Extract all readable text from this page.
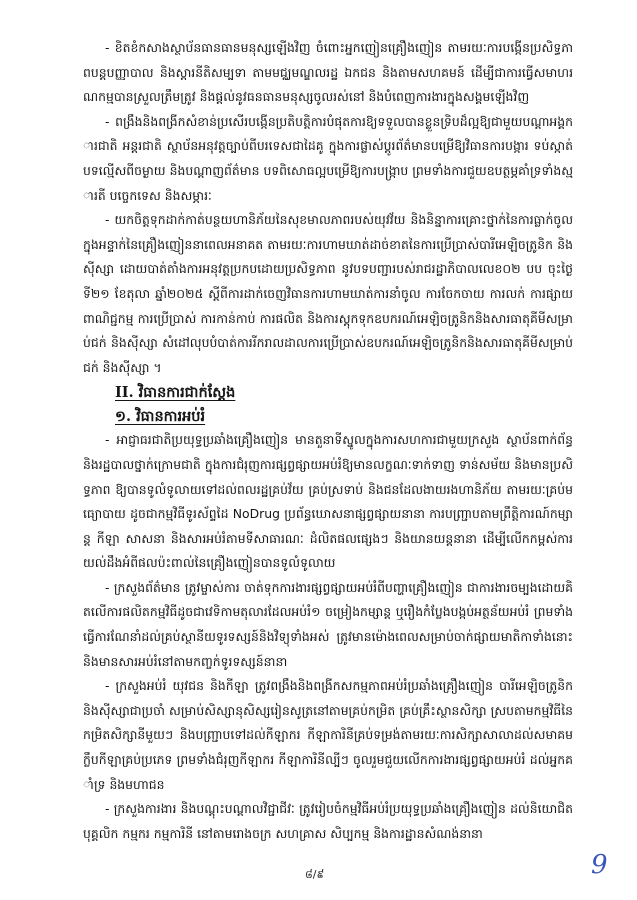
- ខិតខំកសាងស្ថាប័នធានធានមនុស្សឡើងវិញ ចំពោះអ្នកញៀនគ្រឿងញៀន តាមរយៈការបង្កើនប្រសិទ្ធភាពបន្តបញ្ញាបាល និងស្តារនីតិសម្បទា តាមមជ្ឈមណ្ឌលរដ្ឋ ឯកជន និងតាមសហគមន៍ ដើម្បីជាការធ្វើសមាហរណកម្មបានស្រួលត្រឹមត្រូវ និងផ្តល់នូវធនធានមនុស្សចូលរស់នៅ និងបំពេញការងារក្នុងសង្គមឡើងវិញ

- ពង្រឹងនិងពង្រីកសំខាន់ប្រសើរបង្កើនប្រតិបត្តិការបំផុតការឱ្យទទួលបានខ្លួនទ្រិបដ៏ល្អឱ្យជាមួយបណ្តាអង្គការជាតិ អន្តរជាតិ ស្ថាប័នអនុវត្តច្បាប់ពីបរទេសជាដៃគូ ក្នុងការផ្លាស់ប្តូរព័ត៌មានបម្រើឱ្យវិធានការបង្ការ ទប់ស្កាត់បទល្មើសពីចម្ងាយ និងបណ្តាញព័ត៌មាន បទពិសោធល្អបម្រើឱ្យការបង្ក្រាប ព្រមទាំងការជួយឧបត្ថម្ភគាំទ្រទាំងស្មារតី បច្ចេកទេស និងសម្ភារៈ

- យកចិត្តទុកដាក់កាត់បន្ថយហានិភ័យនៃសុខមាលភាពរបស់យុវវ័យ និងនិន្នាការគ្រោះថ្នាក់នៃការធ្លាក់ចូលក្នុងអន្ទាក់នៃគ្រឿងញៀននាពេលអនាគត តាមរយៈការហាមឃាត់ដាច់ខាតនៃការប្រើប្រាស់បារីអេឡិចត្រូនិក និងស៊ីស្សា ដោយបាត់តាំងការអនុវត្តប្រកបដោយប្រសិទ្ធភាព នូវបទបញ្ជារបស់រាជរដ្ឋាភិបាលលេខ០២ បប ចុះថ្ងៃទី២១ ខែតុលា ឆ្នាំ២០២៥ ស្តីពីការដាក់ចេញវិធានការហាមឃាត់ការនាំចូល ការចែកចាយ ការលក់ ការផ្សាយពាណិជ្ជកម្ម ការប្រើប្រាស់ ការកាន់កាប់ ការផលិត និងការស្តុកទុកឧបករណ៍អេឡិចត្រូនិកនិងសារធាតុគីមីសម្រាប់ជក់ និងស៊ីស្សា សំដៅលុបបំបាត់ការរីករាលដាលការប្រើប្រាស់ឧបករណ៍អេឡិចត្រូនិកនិងសារធាតុគីមីសម្រាប់ជក់ និងស៊ីស្សា ។

II. វិធានការជាក់ស្តែង
១. វិធានការអប់រំ

- អាជ្ញាធរជាតិប្រយុទ្ធប្រឆាំងគ្រឿងញៀន មានតួនាទីស្នូលក្នុងការសហការជាមួយក្រសួង ស្ថាប័នពាក់ព័ន្ធ និងរដ្ឋបាលថ្នាក់ក្រោមជាតិ ក្នុងការជំរុញការផ្សព្វផ្សាយអប់រំឱ្យមានលក្ខណៈទាក់ទាញ ទាន់សម័យ និងមានប្រសិទ្ធភាព ឱ្យបានទូលំទូលាយទៅដល់ពលរដ្ឋគ្រប់វ័យ គ្រប់ស្រទាប់ និងជនដែលងាយរងហានិភ័យ តាមរយៈគ្រប់មធ្យោបាយ ដូចជាកម្មវិធីទូរស័ព្ទដៃ NoDrug ប្រព័ន្ធឃោសនាផ្សព្វផ្សាយនានា ការបញ្ជ្រាបតាមព្រឹត្តិការណ៍កម្សាន្ត កីឡា សាសនា និងសារអប់រំតាមទីសាធារណៈ ដំលិតផលផ្សេងៗ និងយានយន្តនានា ដើម្បីលើកកម្ពស់ការយល់ដឹងអំពីផលប៉ះពាល់នៃគ្រឿងញៀនបានទូលំទូលាយ

- ក្រសួងព័ត៌មាន ត្រូវម្ចាស់ការ ចាត់ទុកការងារផ្សព្វផ្សាយអប់រំពីបញ្ហាគ្រឿងញៀន ជាការងារចម្បងដោយគិតលើការផលិតកម្មវិធីដូចជាវេទិកាមតុលារដែលអប់រំ១ ចម្រៀងកម្សាន្ត ឬរឿងកំប្លែងបង្កប់អត្ថន័យអប់រំ ព្រមទាំងធ្វើការណែនាំដល់គ្រប់ស្ថានីយទូរទស្សន៍និងវិទ្យុទាំងអស់ ត្រូវមានម៉ោងពេលសម្រាប់ចាក់ផ្សាយមាតិកាទាំងនោះ និងមានសារអប់រំនៅតាមកញ្ចក់ទូរទស្សន៍នានា

- ក្រសួងអប់រំ យុវជន និងកីឡា ត្រូវពង្រឹងនិងពង្រីកសកម្មភាពអប់រំប្រឆាំងគ្រឿងញៀន បារីអេឡិចត្រូនិក និងស៊ីស្សាជាប្រចាំ សម្រាប់សិស្សានុសិស្សរៀនសូត្រនៅតាមគ្រប់កម្រិត គ្រប់គ្រឹះស្ថានសិក្សា ស្របតាមកម្មវិធីនៃកម្រិតសិក្សានីមួយៗ និងបញ្ជ្រាបទៅដល់កីឡាករ កីឡាការិនីគ្រប់ទម្រង់តាមរយៈការសិក្សាសាលាដល់សមាគមក្លឹបកីឡាគ្រប់ប្រភេទ ព្រមទាំងជំរុញកីឡាករ កីឡាការិនីល្បីៗ ចូលរួមជួយលើកការងារផ្សព្វផ្សាយអប់រំ ដល់អ្នកគាំទ្រ និងមហាជន

- ក្រសួងការងារ និងបណ្តុះបណ្តាលវិជ្ជាជីវៈ ត្រូវរៀបចំកម្មវិធីអប់រំប្រយុទ្ធប្រឆាំងគ្រឿងញៀន ដល់និយោជិត បុគ្គលិក កម្មករ កម្មការិនី នៅតាមរោងចក្រ សហគ្រាស សិប្បកម្ម និងការដ្ឋានសំណង់នានា

៨/៩	9
